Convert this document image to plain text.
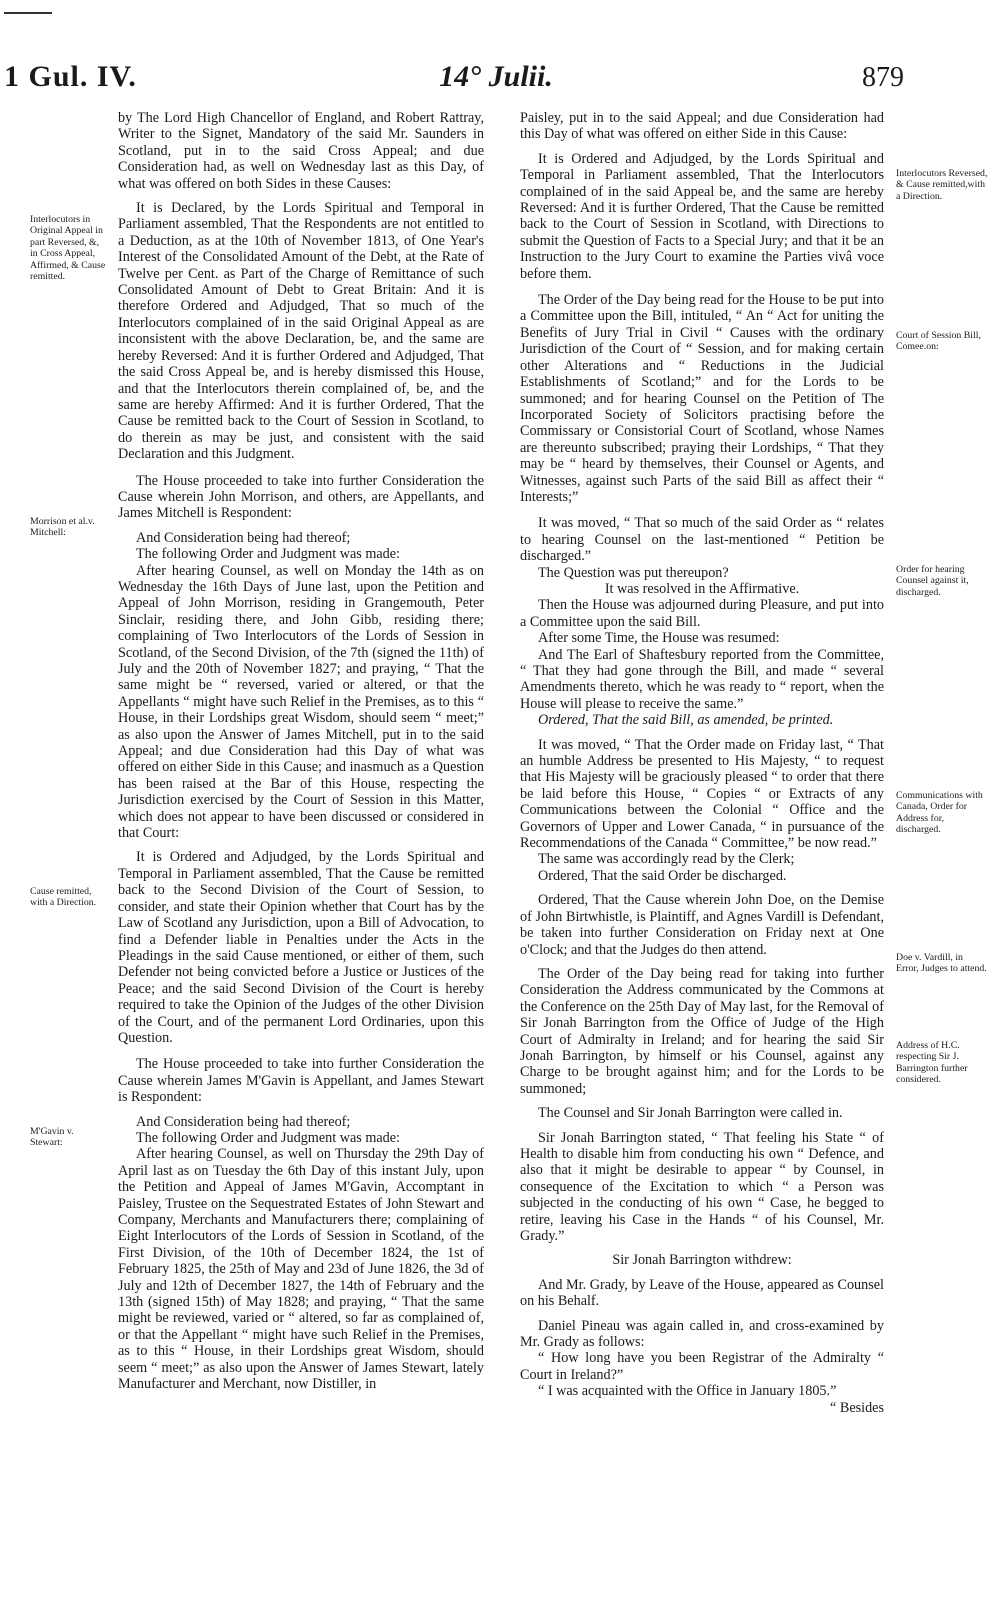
1 Gul. IV.	14° Julii.	879

by The Lord High Chancellor of England, and Robert Rattray, Writer to the Signet, Mandatory of the said Mr. Saunders in Scotland, put in to the said Cross Appeal; and due Consideration had, as well on Wednesday last as this Day, of what was offered on both Sides in these Causes:

It is Declared, by the Lords Spiritual and Temporal in Parliament assembled, That the Respondents are not entitled to a Deduction, as at the 10th of November 1813, of One Year's Interest of the Consolidated Amount of the Debt, at the Rate of Twelve per Cent. as Part of the Charge of Remittance of such Consolidated Amount of Debt to Great Britain: And it is therefore Ordered and Adjudged, That so much of the Interlocutors complained of in the said Original Appeal as are inconsistent with the above Declaration, be, and the same are hereby Reversed: And it is further Ordered and Adjudged, That the said Cross Appeal be, and is hereby dismissed this House, and that the Interlocutors therein complained of, be, and the same are hereby Affirmed: And it is further Ordered, That the Cause be remitted back to the Court of Session in Scotland, to do therein as may be just, and consistent with the said Declaration and this Judgment.

The House proceeded to take into further Consideration the Cause wherein John Morrison, and others, are Appellants, and James Mitchell is Respondent:

And Consideration being had thereof;

The following Order and Judgment was made:

After hearing Counsel, as well on Monday the 14th as on Wednesday the 16th Days of June last, upon the Petition and Appeal of John Morrison, residing in Grangemouth, Peter Sinclair, residing there, and John Gibb, residing there; complaining of Two Interlocutors of the Lords of Session in Scotland, of the Second Division, of the 7th (signed the 11th) of July and the 20th of November 1827; and praying, “ That the same might be “ reversed, varied or altered, or that the Appellants “ might have such Relief in the Premises, as to this “ House, in their Lordships great Wisdom, should seem “ meet;” as also upon the Answer of James Mitchell, put in to the said Appeal; and due Consideration had this Day of what was offered on either Side in this Cause; and inasmuch as a Question has been raised at the Bar of this House, respecting the Jurisdiction exercised by the Court of Session in this Matter, which does not appear to have been discussed or considered in that Court:

It is Ordered and Adjudged, by the Lords Spiritual and Temporal in Parliament assembled, That the Cause be remitted back to the Second Division of the Court of Session, to consider, and state their Opinion whether that Court has by the Law of Scotland any Jurisdiction, upon a Bill of Advocation, to find a Defender liable in Penalties under the Acts in the Pleadings in the said Cause mentioned, or either of them, such Defender not being convicted before a Justice or Justices of the Peace; and the said Second Division of the Court is hereby required to take the Opinion of the Judges of the other Division of the Court, and of the permanent Lord Ordinaries, upon this Question.

The House proceeded to take into further Consideration the Cause wherein James M'Gavin is Appellant, and James Stewart is Respondent:

And Consideration being had thereof;

The following Order and Judgment was made:

After hearing Counsel, as well on Thursday the 29th Day of April last as on Tuesday the 6th Day of this instant July, upon the Petition and Appeal of James M'Gavin, Accomptant in Paisley, Trustee on the Sequestrated Estates of John Stewart and Company, Merchants and Manufacturers there; complaining of Eight Interlocutors of the Lords of Session in Scotland, of the First Division, of the 10th of December 1824, the 1st of February 1825, the 25th of May and 23d of June 1826, the 3d of July and 12th of December 1827, the 14th of February and the 13th (signed 15th) of May 1828; and praying, “ That the same might be reviewed, varied or “ altered, so far as complained of, or that the Appellant “ might have such Relief in the Premises, as to this “ House, in their Lordships great Wisdom, should seem “ meet;” as also upon the Answer of James Stewart, lately Manufacturer and Merchant, now Distiller, in

Paisley, put in to the said Appeal; and due Consideration had this Day of what was offered on either Side in this Cause:

It is Ordered and Adjudged, by the Lords Spiritual and Temporal in Parliament assembled, That the Interlocutors complained of in the said Appeal be, and the same are hereby Reversed: And it is further Ordered, That the Cause be remitted back to the Court of Session in Scotland, with Directions to submit the Question of Facts to a Special Jury; and that it be an Instruction to the Jury Court to examine the Parties vivâ voce before them.

The Order of the Day being read for the House to be put into a Committee upon the Bill, intituled, “ An “ Act for uniting the Benefits of Jury Trial in Civil “ Causes with the ordinary Jurisdiction of the Court of “ Session, and for making certain other Alterations and “ Reductions in the Judicial Establishments of Scotland;” and for the Lords to be summoned; and for hearing Counsel on the Petition of The Incorporated Society of Solicitors practising before the Commissary or Consistorial Court of Scotland, whose Names are thereunto subscribed; praying their Lordships, “ That they may be “ heard by themselves, their Counsel or Agents, and Witnesses, against such Parts of the said Bill as affect their “ Interests;”

It was moved, “ That so much of the said Order as “ relates to hearing Counsel on the last-mentioned “ Petition be discharged.”

The Question was put thereupon?

It was resolved in the Affirmative.

Then the House was adjourned during Pleasure, and put into a Committee upon the said Bill.

After some Time, the House was resumed:

And The Earl of Shaftesbury reported from the Committee, “ That they had gone through the Bill, and made “ several Amendments thereto, which he was ready to “ report, when the House will please to receive the same.”

Ordered, That the said Bill, as amended, be printed.

It was moved, “ That the Order made on Friday last, “ That an humble Address be presented to His Majesty, “ to request that His Majesty will be graciously pleased “ to order that there be laid before this House, “ Copies “ or Extracts of any Communications between the Colonial “ Office and the Governors of Upper and Lower Canada, “ in pursuance of the Recommendations of the Canada “ Committee,” be now read.”

The same was accordingly read by the Clerk;

Ordered, That the said Order be discharged.

Ordered, That the Cause wherein John Doe, on the Demise of John Birtwhistle, is Plaintiff, and Agnes Vardill is Defendant, be taken into further Consideration on Friday next at One o'Clock; and that the Judges do then attend.

The Order of the Day being read for taking into further Consideration the Address communicated by the Commons at the Conference on the 25th Day of May last, for the Removal of Sir Jonah Barrington from the Office of Judge of the High Court of Admiralty in Ireland; and for hearing the said Sir Jonah Barrington, by himself or his Counsel, against any Charge to be brought against him; and for the Lords to be summoned;

The Counsel and Sir Jonah Barrington were called in.

Sir Jonah Barrington stated, “ That feeling his State “ of Health to disable him from conducting his own “ Defence, and also that it might be desirable to appear “ by Counsel, in consequence of the Excitation to which “ a Person was subjected in the conducting of his own “ Case, he begged to retire, leaving his Case in the Hands “ of his Counsel, Mr. Grady.”

Sir Jonah Barrington withdrew:

And Mr. Grady, by Leave of the House, appeared as Counsel on his Behalf.

Daniel Pineau was again called in, and cross-examined by Mr. Grady as follows:

“ How long have you been Registrar of the Admiralty “ Court in Ireland?”

“ I was acquainted with the Office in January 1805.”

“ Besides

Interlocutors in Original Appeal in part Reversed, &, in Cross Appeal, Affirmed, & Cause remitted.
Morrison et al.v. Mitchell:
Cause remitted, with a Direction.
M'Gavin v. Stewart:
Interlocutors Reversed, & Cause remitted,with a Direction.
Court of Session Bill, Comee.on:
Order for hearing Counsel against it, discharged.
Communications with Canada, Order for Address for, discharged.
Doe v. Vardill, in Error, Judges to attend.
Address of H.C. respecting Sir J. Barrington further considered.
